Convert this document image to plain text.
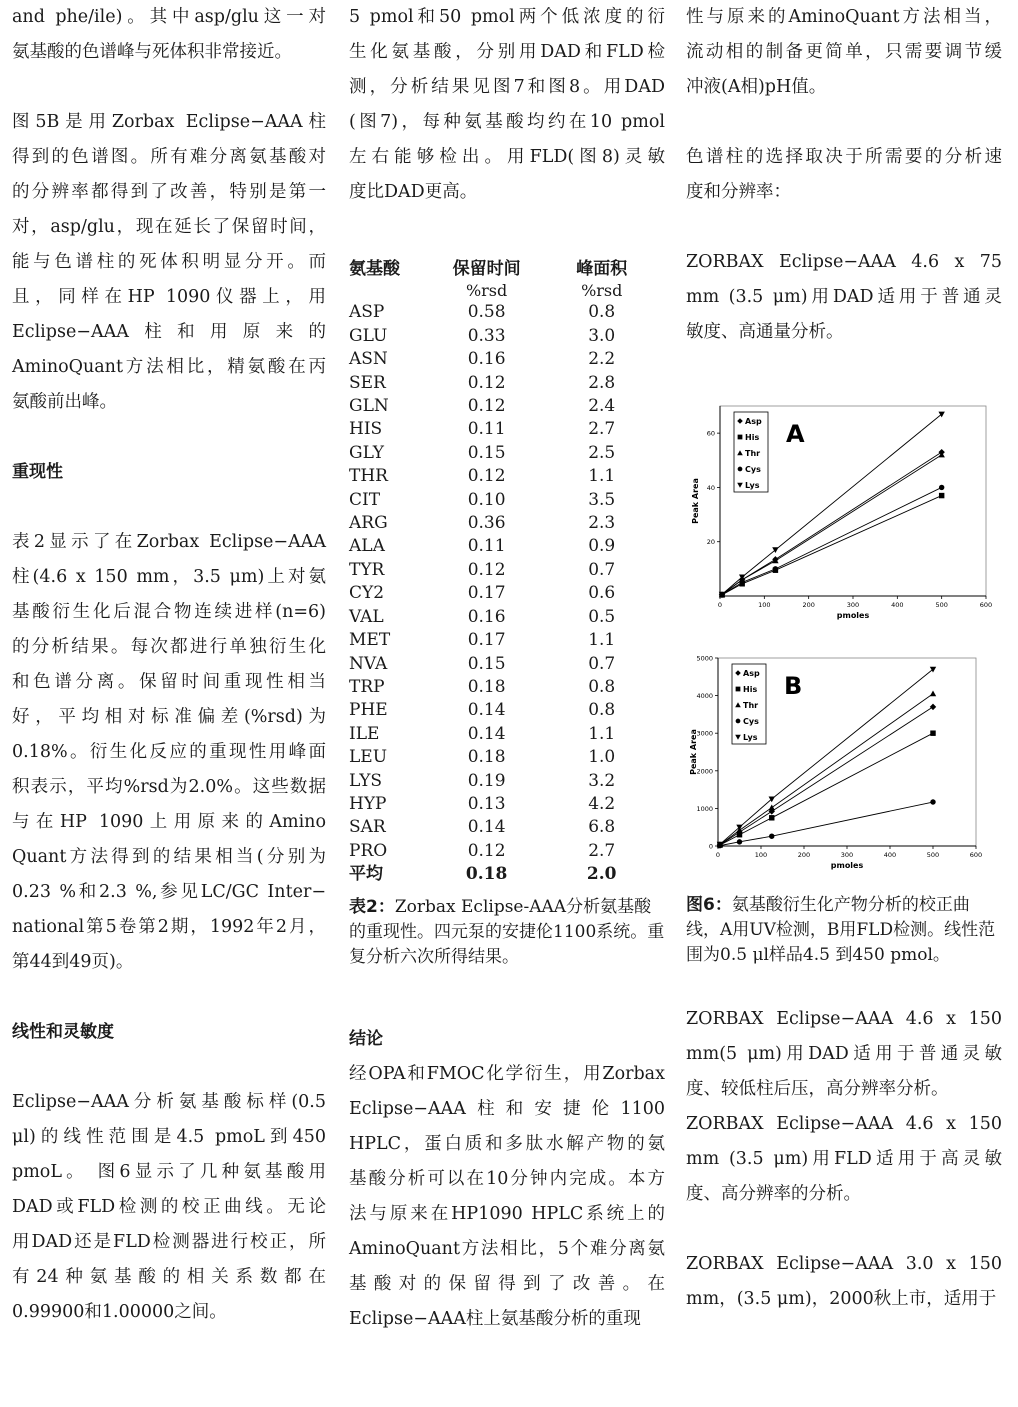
and phe/ile)。其中asp/glu这一对
氨基酸的色谱峰与死体积非常接近。
图5B是用Zorbax Eclipse−AAA柱
得到的色谱图。所有难分离氨基酸对
的分辨率都得到了改善，特别是第一
对，asp/glu，现在延长了保留时间，
能与色谱柱的死体积明显分开。而
且，同样在HP 1090仪器上，用
Eclipse−AAA柱和用原来的
AminoQuant方法相比，精氨酸在丙
氨酸前出峰。
重现性
表2显示了在Zorbax Eclipse−AAA
柱(4.6 x 150 mm，3.5 μm)上对氨
基酸衍生化后混合物连续进样(n=6)
的分析结果。每次都进行单独衍生化
和色谱分离。保留时间重现性相当
好，平均相对标准偏差(%rsd)为
0.18%。衍生化反应的重现性用峰面
积表示，平均%rsd为2.0%。这些数据
与在HP 1090上用原来的Amino
Quant方法得到的结果相当(分别为
0.23 %和2.3 %,参见LC/GC Inter−
national第5卷第2期，1992年2月，
第44到49页)。
线性和灵敏度
Eclipse−AAA分析氨基酸标样(0.5
μl)的线性范围是4.5 pmoL到450
pmoL。 图6显示了几种氨基酸用
DAD或FLD检测的校正曲线。无论
用DAD还是FLD检测器进行校正，所
有24种氨基酸的相关系数都在
0.99900和1.00000之间。
5 pmol和50 pmol两个低浓度的衍
生化氨基酸，分别用DAD和FLD检
测，分析结果见图7和图8。用DAD
(图7)，每种氨基酸均约在10 pmol
左右能够检出。用FLD(图8)灵敏
度比DAD更高。
氨基酸	保留时间	峰面积
	%rsd	%rsd
ASP	0.58	0.8
GLU	0.33	3.0
ASN	0.16	2.2
SER	0.12	2.8
GLN	0.12	2.4
HIS	0.11	2.7
GLY	0.15	2.5
THR	0.12	1.1
CIT	0.10	3.5
ARG	0.36	2.3
ALA	0.11	0.9
TYR	0.12	0.7
CY2	0.17	0.6
VAL	0.16	0.5
MET	0.17	1.1
NVA	0.15	0.7
TRP	0.18	0.8
PHE	0.14	0.8
ILE	0.14	1.1
LEU	0.18	1.0
LYS	0.19	3.2
HYP	0.13	4.2
SAR	0.14	6.8
PRO	0.12	2.7
平均	0.18	2.0

表2：Zorbax Eclipse-AAA分析氨基酸的重现性。四元泵的安捷伦1100系统。重复分析六次所得结果。

结论
经OPA和FMOC化学衍生，用Zorbax
Eclipse−AAA柱和安捷伦1100
HPLC，蛋白质和多肽水解产物的氨
基酸分析可以在10分钟内完成。本方
法与原来在HP1090 HPLC系统上的
AminoQuant方法相比，5个难分离氨
基酸对的保留得到了改善。在
Eclipse−AAA柱上氨基酸分析的重现
性与原来的AminoQuant方法相当，
流动相的制备更简单，只需要调节缓
冲液(A相)pH值。
色谱柱的选择取决于所需要的分析速
度和分辨率：
ZORBAX Eclipse−AAA 4.6 x 75
mm (3.5 μm)用DAD适用于普通灵
敏度、高通量分析。
0	100	200	300	400	500	600
20
40
60
pmoles
Peak Area
Asp
His
Thr
Cys
Lys
A
0	100	200	300	400	500	600
0
1000
2000
3000
4000
5000
pmoles
Peak Area
Asp
His
Thr
Cys
Lys
B

图6：氨基酸衍生化产物分析的校正曲线，A用UV检测，B用FLD检测。线性范围为0.5 μl样品4.5 到450 pmol。

ZORBAX Eclipse−AAA 4.6 x 150
mm(5 μm)用DAD适用于普通灵敏
度、较低柱后压，高分辨率分析。
ZORBAX Eclipse−AAA 4.6 x 150
mm (3.5 μm)用FLD适用于高灵敏
度、高分辨率的分析。
ZORBAX Eclipse−AAA 3.0 x 150
mm，(3.5 μm)，2000秋上市，适用于
